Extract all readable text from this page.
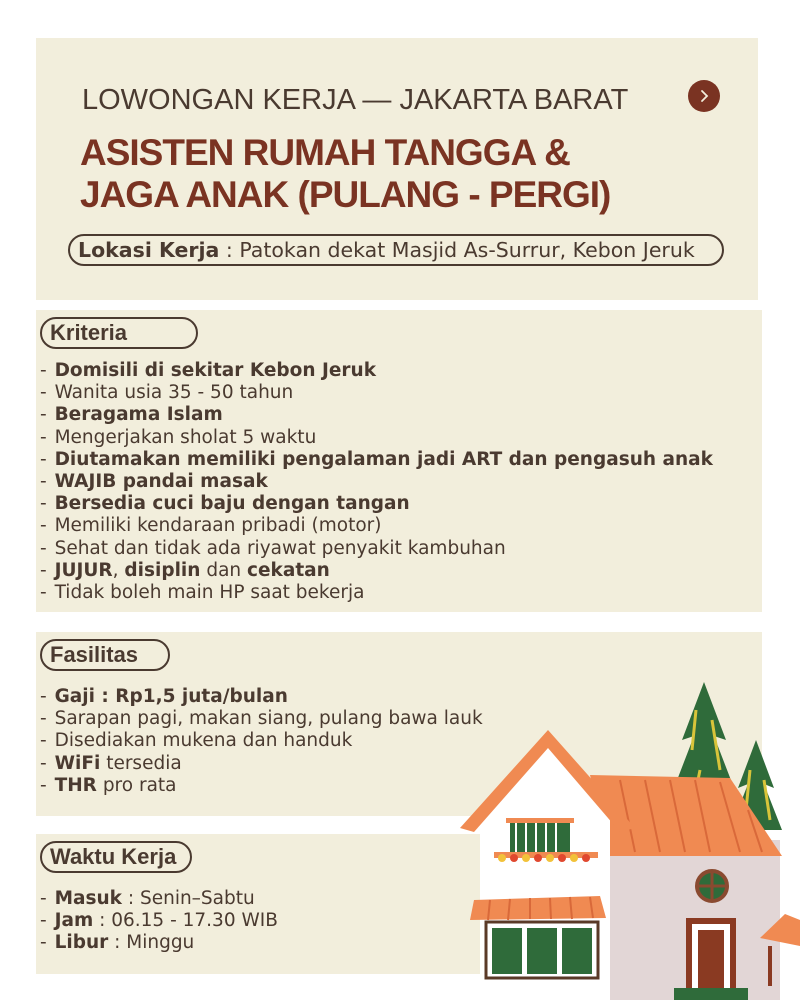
LOWONGAN KERJA — JAKARTA BARAT
ASISTEN RUMAH TANGGA &
JAGA ANAK (PULANG - PERGI)
Lokasi Kerja : Patokan dekat Masjid As-Surrur, Kebon Jeruk
Kriteria
- Domisili di sekitar Kebon Jeruk
- Wanita usia 35 - 50 tahun
- Beragama Islam
- Mengerjakan sholat 5 waktu
- Diutamakan memiliki pengalaman jadi ART dan pengasuh anak
- WAJIB pandai masak
- Bersedia cuci baju dengan tangan
- Memiliki kendaraan pribadi (motor)
- Sehat dan tidak ada riyawat penyakit kambuhan
- JUJUR, disiplin dan cekatan
- Tidak boleh main HP saat bekerja
Fasilitas
- Gaji : Rp1,5 juta/bulan
- Sarapan pagi, makan siang, pulang bawa lauk
- Disediakan mukena dan handuk
- WiFi tersedia
- THR pro rata
Waktu Kerja
- Masuk : Senin–Sabtu
- Jam : 06.15 - 17.30 WIB
- Libur : Minggu
